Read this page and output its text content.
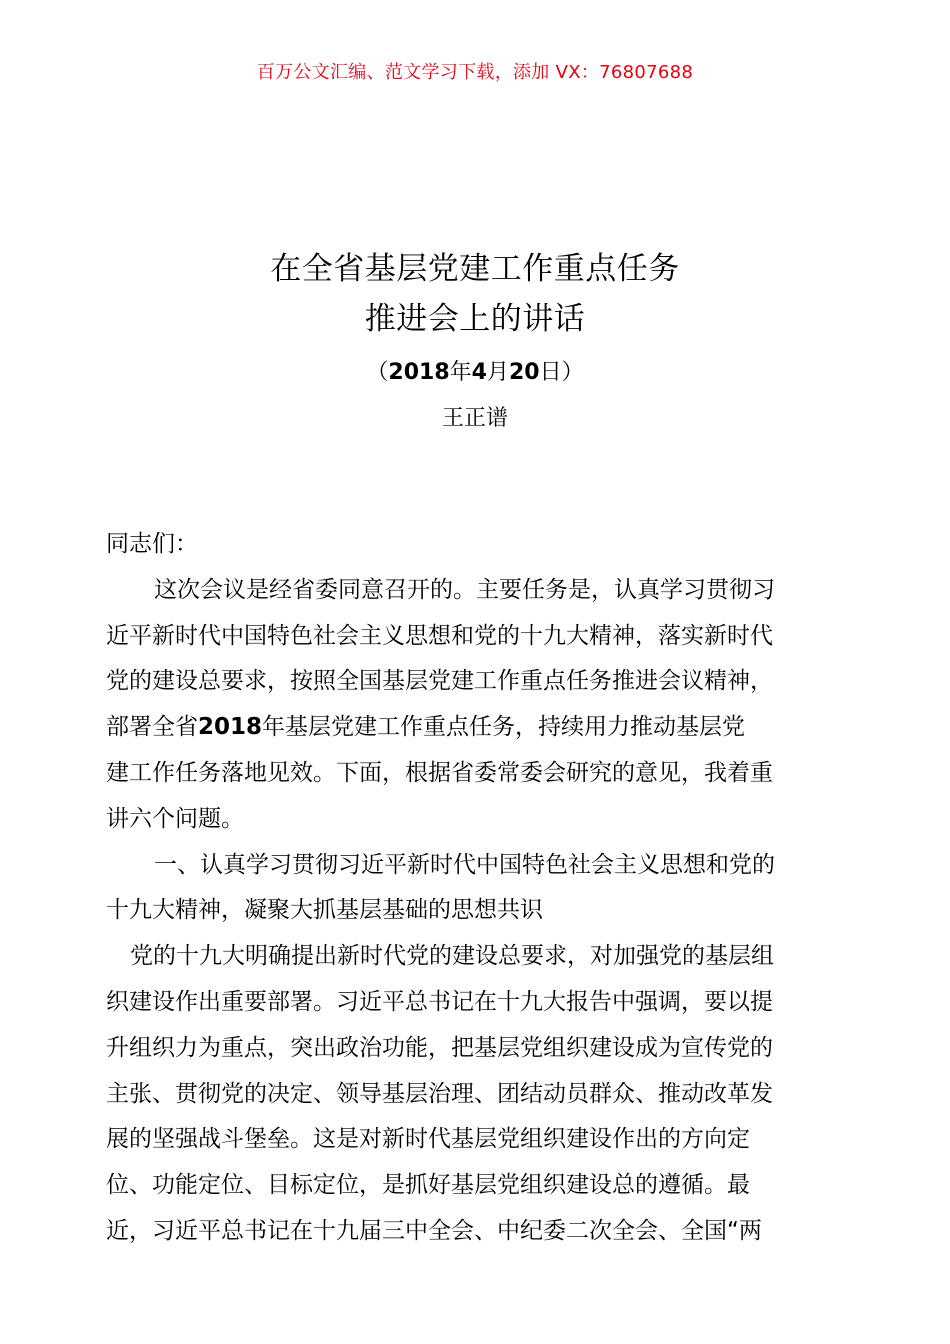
百万公文汇编、范文学习下载，添加 VX：76807688
在全省基层党建工作重点任务
推进会上的讲话
（2018年4月20日）
王正谱
同志们：
这次会议是经省委同意召开的。主要任务是，认真学习贯彻习
近平新时代中国特色社会主义思想和党的十九大精神，落实新时代
党的建设总要求，按照全国基层党建工作重点任务推进会议精神，
部署全省 2018 年基层党建工作重点任务，持续用力推动基层党
建工作任务落地见效。下面，根据省委常委会研究的意见，我着重
讲六个问题。
一、认真学习贯彻习近平新时代中国特色社会主义思想和党的
十九大精神，凝聚大抓基层基础的思想共识
党的十九大明确提出新时代党的建设总要求，对加强党的基层组
织建设作出重要部署。习近平总书记在十九大报告中强调，要以提
升组织力为重点，突出政治功能，把基层党组织建设成为宣传党的
主张、贯彻党的决定、领导基层治理、团结动员群众、推动改革发
展的坚强战斗堡垒。这是对新时代基层党组织建设作出的方向定
位、功能定位、目标定位，是抓好基层党组织建设总的遵循。最
近，习近平总书记在十九届三中全会、中纪委二次全会、全国“两
